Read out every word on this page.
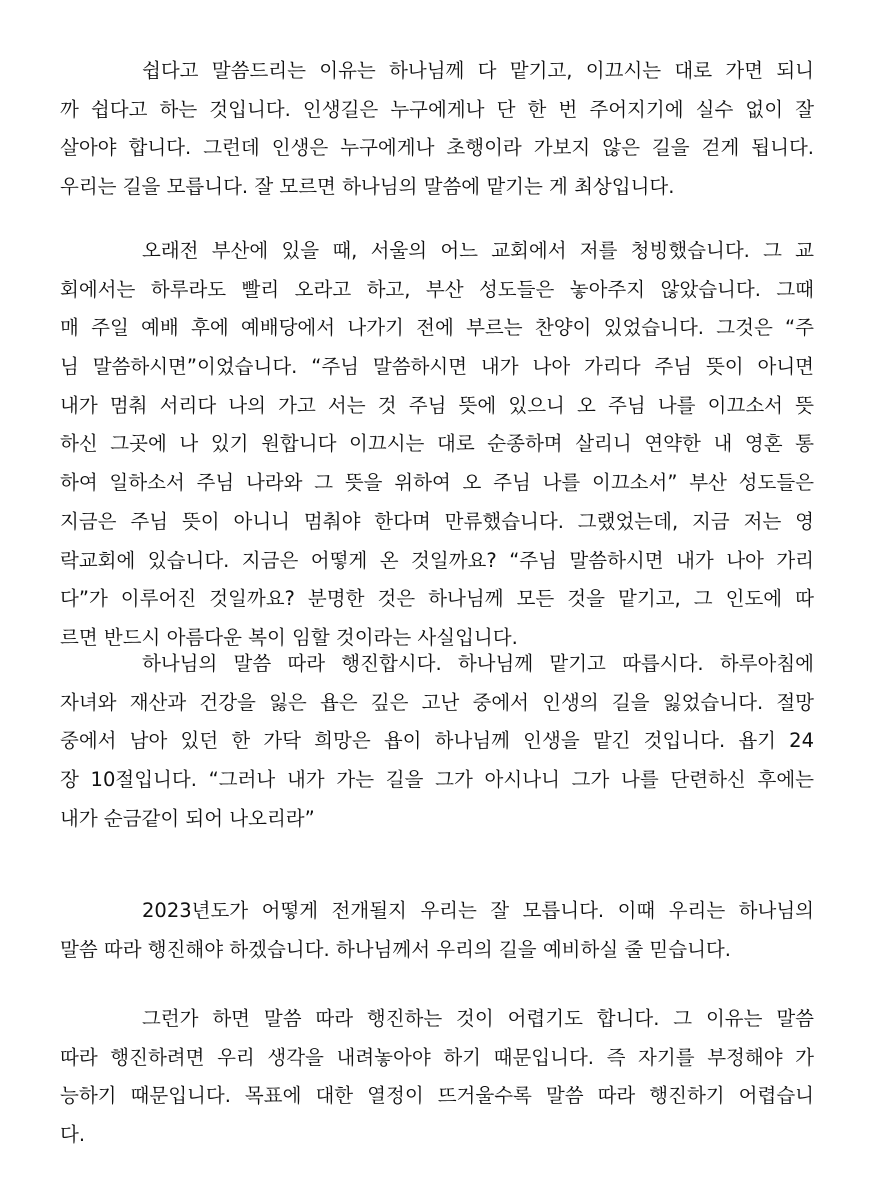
쉽다고 말씀드리는 이유는 하나님께 다 맡기고, 이끄시는 대로 가면 되니
까 쉽다고 하는 것입니다. 인생길은 누구에게나 단 한 번 주어지기에 실수 없이 잘
살아야 합니다. 그런데 인생은 누구에게나 초행이라 가보지 않은 길을 걷게 됩니다.
우리는 길을 모릅니다. 잘 모르면 하나님의 말씀에 맡기는 게 최상입니다.
오래전 부산에 있을 때, 서울의 어느 교회에서 저를 청빙했습니다. 그 교
회에서는 하루라도 빨리 오라고 하고, 부산 성도들은 놓아주지 않았습니다. 그때
매 주일 예배 후에 예배당에서 나가기 전에 부르는 찬양이 있었습니다. 그것은 “주
님 말씀하시면”이었습니다. “주님 말씀하시면 내가 나아 가리다 주님 뜻이 아니면
내가 멈춰 서리다 나의 가고 서는 것 주님 뜻에 있으니 오 주님 나를 이끄소서 뜻
하신 그곳에 나 있기 원합니다 이끄시는 대로 순종하며 살리니 연약한 내 영혼 통
하여 일하소서 주님 나라와 그 뜻을 위하여 오 주님 나를 이끄소서” 부산 성도들은
지금은 주님 뜻이 아니니 멈춰야 한다며 만류했습니다. 그랬었는데, 지금 저는 영
락교회에 있습니다. 지금은 어떻게 온 것일까요? “주님 말씀하시면 내가 나아 가리
다”가 이루어진 것일까요? 분명한 것은 하나님께 모든 것을 맡기고, 그 인도에 따
르면 반드시 아름다운 복이 임할 것이라는 사실입니다.
하나님의 말씀 따라 행진합시다. 하나님께 맡기고 따릅시다. 하루아침에
자녀와 재산과 건강을 잃은 욥은 깊은 고난 중에서 인생의 길을 잃었습니다. 절망
중에서 남아 있던 한 가닥 희망은 욥이 하나님께 인생을 맡긴 것입니다. 욥기 24
장 10절입니다. “그러나 내가 가는 길을 그가 아시나니 그가 나를 단련하신 후에는
내가 순금같이 되어 나오리라”
2023년도가 어떻게 전개될지 우리는 잘 모릅니다. 이때 우리는 하나님의
말씀 따라 행진해야 하겠습니다. 하나님께서 우리의 길을 예비하실 줄 믿습니다.
그런가 하면 말씀 따라 행진하는 것이 어렵기도 합니다. 그 이유는 말씀
따라 행진하려면 우리 생각을 내려놓아야 하기 때문입니다. 즉 자기를 부정해야 가
능하기 때문입니다. 목표에 대한 열정이 뜨거울수록 말씀 따라 행진하기 어렵습니
다.
